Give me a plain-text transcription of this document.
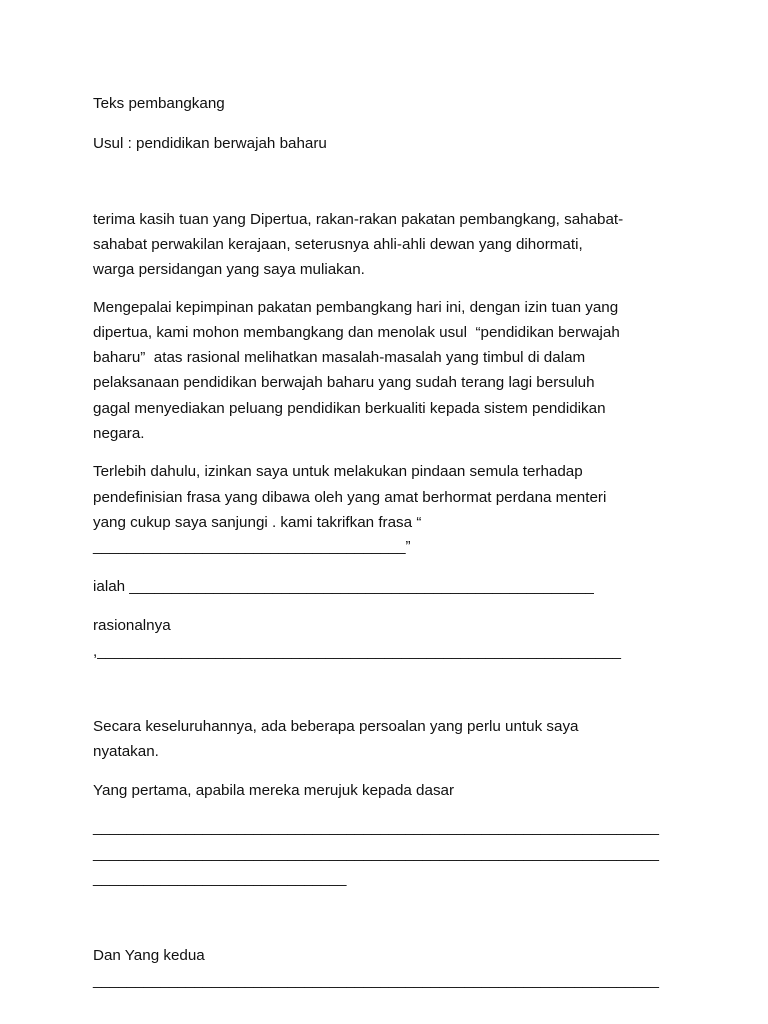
Teks pembangkang
Usul : pendidikan berwajah baharu
terima kasih tuan yang Dipertua, rakan-rakan pakatan pembangkang, sahabat-
sahabat perwakilan kerajaan, seterusnya ahli-ahli dewan yang dihormati,
warga persidangan yang saya muliakan.
Mengepalai kepimpinan pakatan pembangkang hari ini, dengan izin tuan yang
dipertua, kami mohon membangkang dan menolak usul  “pendidikan berwajah
baharu”  atas rasional melihatkan masalah-masalah yang timbul di dalam
pelaksanaan pendidikan berwajah baharu yang sudah terang lagi bersuluh
gagal menyediakan peluang pendidikan berkualiti kepada sistem pendidikan
negara.
Terlebih dahulu, izinkan saya untuk melakukan pindaan semula terhadap
pendefinisian frasa yang dibawa oleh yang amat berhormat perdana menteri
yang cukup saya sanjungi . kami takrifkan frasa “
_____________________________________”
ialah _______________________________________________________
rasionalnya
,______________________________________________________________
Secara keseluruhannya, ada beberapa persoalan yang perlu untuk saya
nyatakan.
Yang pertama, apabila mereka merujuk kepada dasar
___________________________________________________________________
___________________________________________________________________
______________________________
Dan Yang kedua
___________________________________________________________________
